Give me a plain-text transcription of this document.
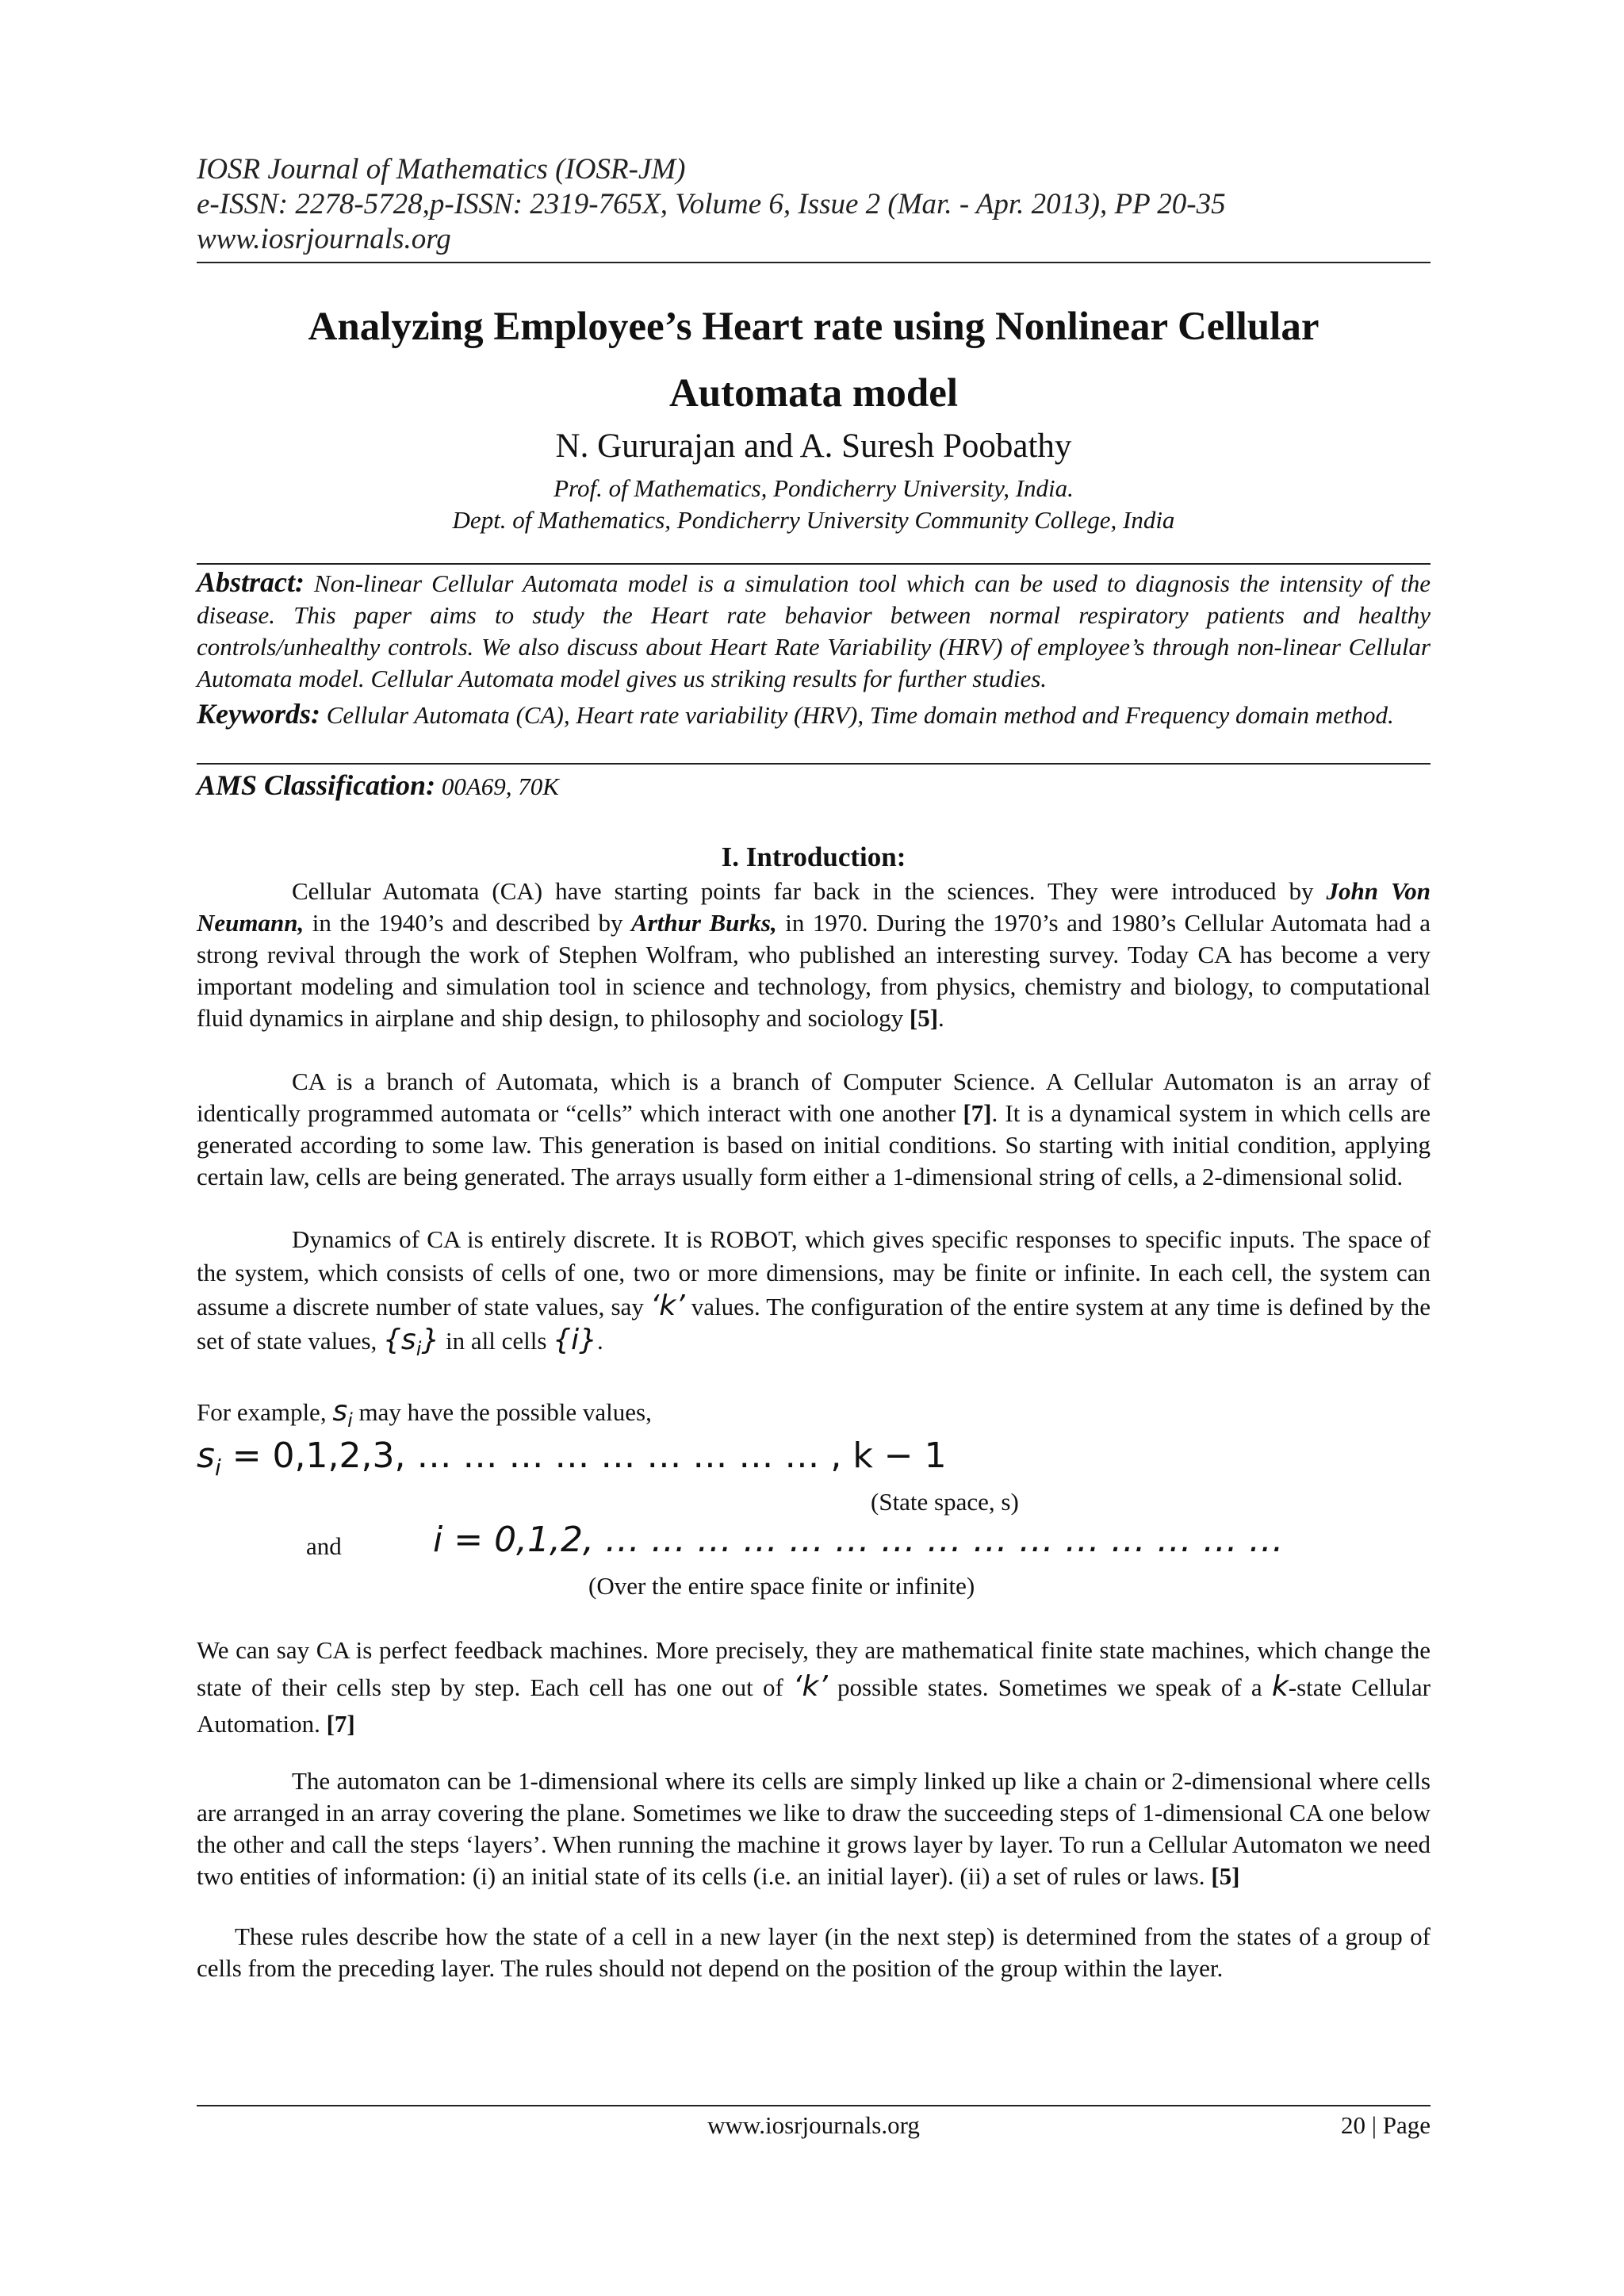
IOSR Journal of Mathematics (IOSR-JM)
e-ISSN: 2278-5728,p-ISSN: 2319-765X, Volume 6, Issue 2 (Mar. - Apr. 2013), PP 20-35
www.iosrjournals.org
Analyzing Employee’s Heart rate using Nonlinear Cellular
Automata model
N. Gururajan and A. Suresh Poobathy
Prof. of Mathematics, Pondicherry University, India.
Dept. of Mathematics, Pondicherry University Community College, India
Abstract: Non-linear Cellular Automata model is a simulation tool which can be used to diagnosis the intensity of the disease. This paper aims to study the Heart rate behavior between normal respiratory patients and healthy controls/unhealthy controls. We also discuss about Heart Rate Variability (HRV) of employee’s through non-linear Cellular Automata model. Cellular Automata model gives us striking results for further studies.
Keywords: Cellular Automata (CA), Heart rate variability (HRV), Time domain method and Frequency domain method.
AMS Classification: 00A69, 70K
I. Introduction:
Cellular Automata (CA) have starting points far back in the sciences. They were introduced by John Von Neumann, in the 1940’s and described by Arthur Burks, in 1970. During the 1970’s and 1980’s Cellular Automata had a strong revival through the work of Stephen Wolfram, who published an interesting survey. Today CA has become a very important modeling and simulation tool in science and technology, from physics, chemistry and biology, to computational fluid dynamics in airplane and ship design, to philosophy and sociology [5].
CA is a branch of Automata, which is a branch of Computer Science. A Cellular Automaton is an array of identically programmed automata or “cells” which interact with one another [7]. It is a dynamical system in which cells are generated according to some law. This generation is based on initial conditions. So starting with initial condition, applying certain law, cells are being generated. The arrays usually form either a 1-dimensional string of cells, a 2-dimensional solid.
Dynamics of CA is entirely discrete. It is ROBOT, which gives specific responses to specific inputs. The space of the system, which consists of cells of one, two or more dimensions, may be finite or infinite. In each cell, the system can assume a discrete number of state values, say ‘k’ values. The configuration of the entire system at any time is defined by the set of state values, $\{s_i\}$ in all cells {i}.
For example, $s_i$ may have the possible values,
$s_i = 0,1,2,3$, … … … … … … … … … , k − 1
(State space, s)
and	i = 0,1,2, … … … … … … … … … … … … … … …
(Over the entire space finite or infinite)
We can say CA is perfect feedback machines. More precisely, they are mathematical finite state machines, which change the state of their cells step by step. Each cell has one out of ‘k’ possible states. Sometimes we speak of a k-state Cellular Automation. [7]
The automaton can be 1-dimensional where its cells are simply linked up like a chain or 2-dimensional where cells are arranged in an array covering the plane. Sometimes we like to draw the succeeding steps of 1-dimensional CA one below the other and call the steps ‘layers’. When running the machine it grows layer by layer. To run a Cellular Automaton we need two entities of information: (i) an initial state of its cells (i.e. an initial layer). (ii) a set of rules or laws. [5]
These rules describe how the state of a cell in a new layer (in the next step) is determined from the states of a group of cells from the preceding layer. The rules should not depend on the position of the group within the layer.
www.iosrjournals.org	20 | Page
